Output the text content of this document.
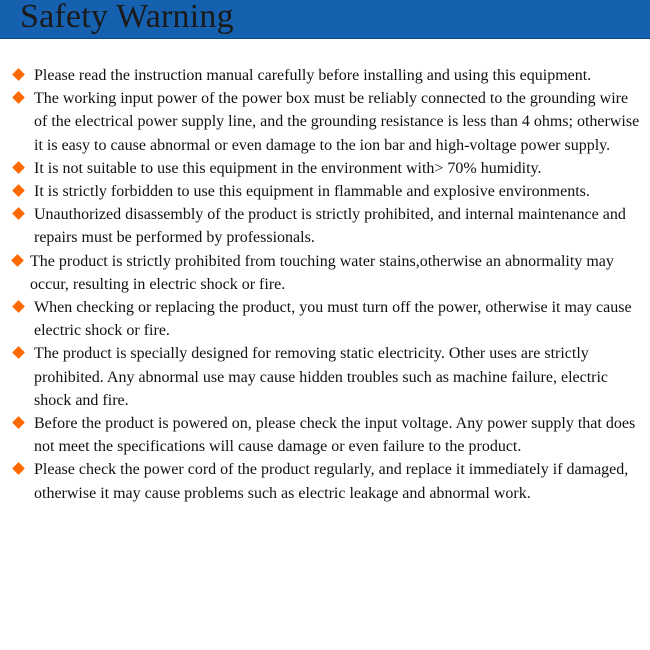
Safety Warning
Please read the instruction manual carefully before installing and using this equipment.
The working input power of the power box must be reliably connected to the grounding wire of the electrical power supply line, and the grounding resistance is less than 4 ohms; otherwise it is easy to cause abnormal or even damage to the ion bar and high-voltage power supply.
It is not suitable to use this equipment in the environment with> 70% humidity.
It is strictly forbidden to use this equipment in flammable and explosive environments.
Unauthorized disassembly of the product is strictly prohibited, and internal maintenance and repairs must be performed by professionals.
The product is strictly prohibited from touching water stains,otherwise an abnormality may occur, resulting in electric shock or fire.
When checking or replacing the product, you must turn off the power, otherwise it may cause electric shock or fire.
The product is specially designed for removing static electricity. Other uses are strictly prohibited. Any abnormal use may cause hidden troubles such as machine failure, electric shock and fire.
Before the product is powered on, please check the input voltage. Any power supply that does not meet the specifications will cause damage or even failure to the product.
Please check the power cord of the product regularly, and replace it immediately if damaged, otherwise it may cause problems such as electric leakage and abnormal work.
